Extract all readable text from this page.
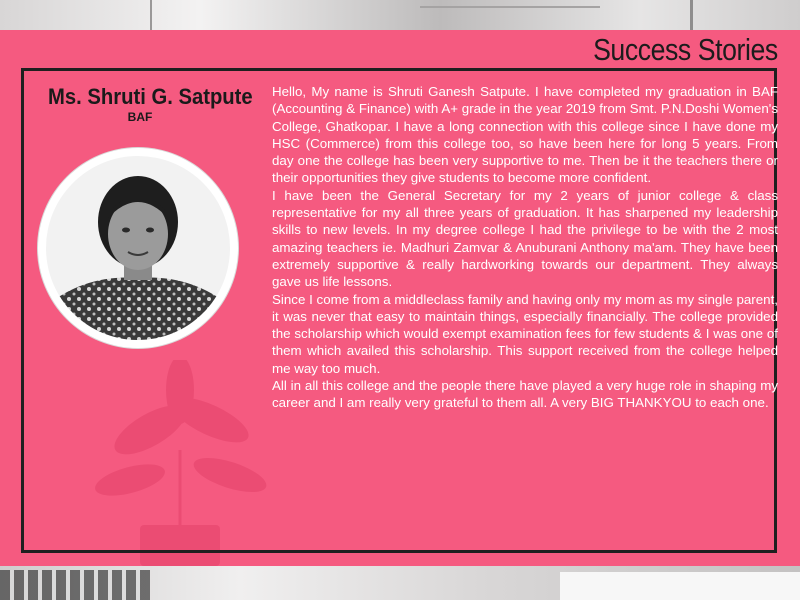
Success Stories
Ms. Shruti G. Satpute
BAF

Hello, My name is Shruti Ganesh Satpute. I have completed my graduation in BAF (Accounting & Finance) with A+ grade in the year 2019 from Smt. P.N.Doshi Women's College, Ghatkopar. I have a long connection with this college since I have done my HSC (Commerce) from this college too, so have been here for long 5 years. From day one the college has been very supportive to me. Then be it the teachers there or their opportunities they give students to become more confident.

I have been the General Secretary for my 2 years of junior college & class representative for my all three years of graduation. It has sharpened my leadership skills to new levels. In my degree college I had the privilege to be with the 2 most amazing teachers ie. Madhuri Zamvar & Anuburani Anthony ma'am. They have been extremely supportive & really hardworking towards our department. They always gave us life lessons.

Since I come from a middleclass family and having only my mom as my single parent, it was never that easy to maintain things, especially financially. The college provided the scholarship which would exempt examination fees for few students & I was one of them which availed this scholarship. This support received from the college helped me way too much.

All in all this college and the people there have played a very huge role in shaping my career and I am really very grateful to them all. A very BIG THANKYOU to each one.
